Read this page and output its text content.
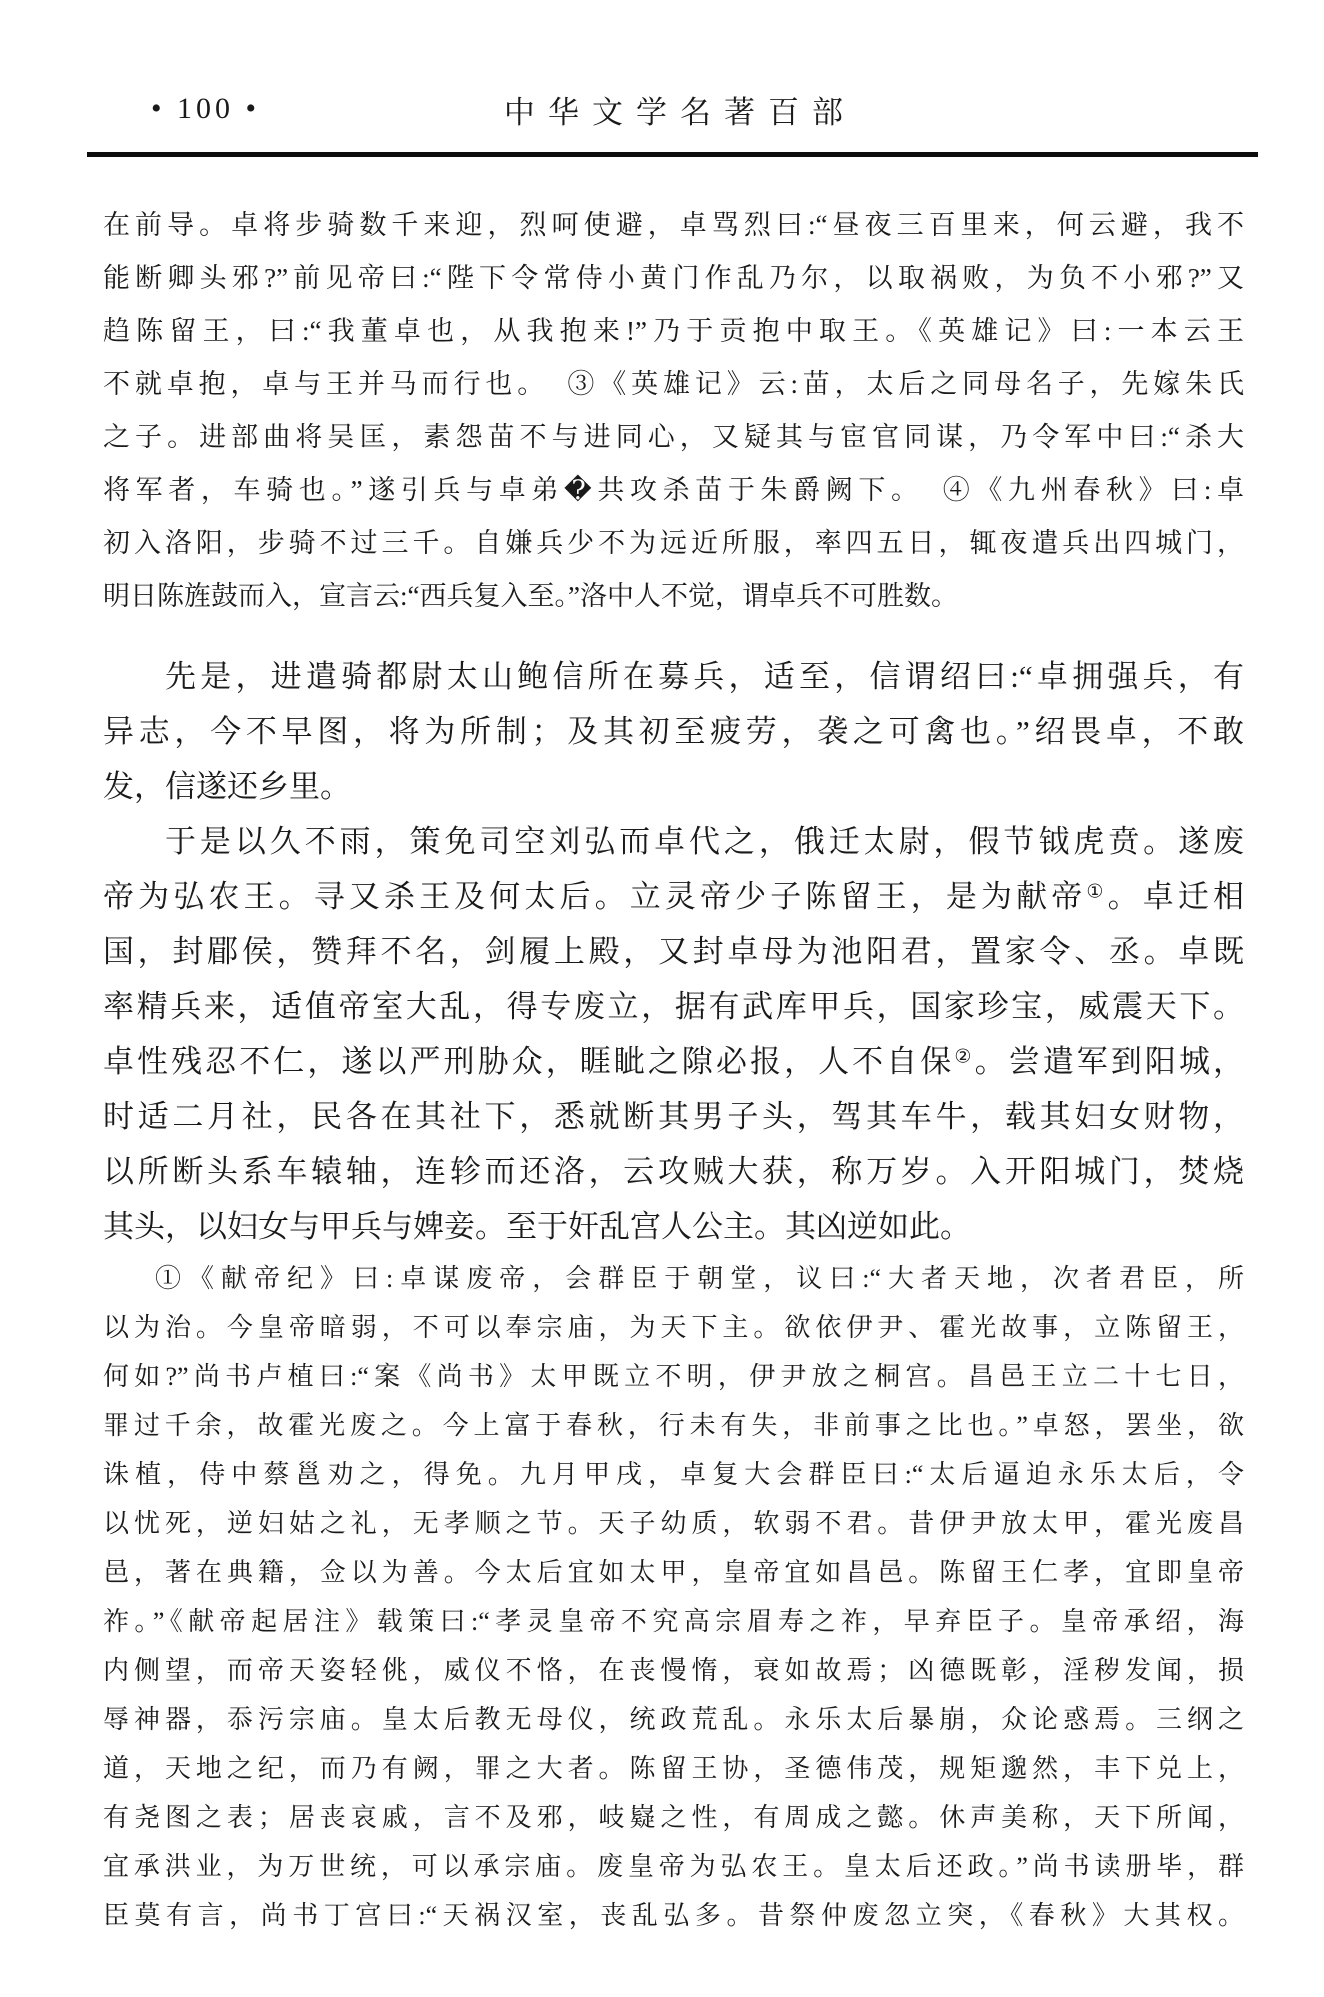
• 100 •	中华文学名著百部
在前导。卓将步骑数千来迎，烈呵使避，卓骂烈曰:“昼夜三百里来，何云避，我不
能断卿头邪?”前见帝曰:“陛下令常侍小黄门作乱乃尔，以取祸败，为负不小邪?”又
趋陈留王，曰:“我董卓也，从我抱来!”乃于贡抱中取王。《英雄记》曰:一本云王
不就卓抱，卓与王并马而行也。　③《英雄记》云:苗，太后之同母名子，先嫁朱氏
之子。进部曲将吴匡，素怨苗不与进同心，又疑其与宦官同谋，乃令军中曰:“杀大
将军者，车骑也。”遂引兵与卓弟�共攻杀苗于朱爵阙下。　④《九州春秋》曰:卓
初入洛阳，步骑不过三千。自嫌兵少不为远近所服，率四五日，辄夜遣兵出四城门，
明日陈旌鼓而入，宣言云:“西兵复入至。”洛中人不觉，谓卓兵不可胜数。
先是，进遣骑都尉太山鲍信所在募兵，适至，信谓绍曰:“卓拥强兵，有
异志，今不早图，将为所制；及其初至疲劳，袭之可禽也。”绍畏卓，不敢
发，信遂还乡里。
于是以久不雨，策免司空刘弘而卓代之，俄迁太尉，假节钺虎贲。遂废
帝为弘农王。寻又杀王及何太后。立灵帝少子陈留王，是为献帝①。卓迁相
国，封郿侯，赞拜不名，剑履上殿，又封卓母为池阳君，置家令、丞。卓既
率精兵来，适值帝室大乱，得专废立，据有武库甲兵，国家珍宝，威震天下。
卓性残忍不仁，遂以严刑胁众，睚眦之隙必报，人不自保②。尝遣军到阳城，
时适二月社，民各在其社下，悉就断其男子头，驾其车牛，载其妇女财物，
以所断头系车辕轴，连轸而还洛，云攻贼大获，称万岁。入开阳城门，焚烧
其头，以妇女与甲兵与婢妾。至于奸乱宫人公主。其凶逆如此。
①《献帝纪》曰:卓谋废帝，会群臣于朝堂，议曰:“大者天地，次者君臣，所
以为治。今皇帝暗弱，不可以奉宗庙，为天下主。欲依伊尹、霍光故事，立陈留王，
何如?”尚书卢植曰:“案《尚书》太甲既立不明，伊尹放之桐宫。昌邑王立二十七日，
罪过千余，故霍光废之。今上富于春秋，行未有失，非前事之比也。”卓怒，罢坐，欲
诛植，侍中蔡邕劝之，得免。九月甲戌，卓复大会群臣曰:“太后逼迫永乐太后，令
以忧死，逆妇姑之礼，无孝顺之节。天子幼质，软弱不君。昔伊尹放太甲，霍光废昌
邑，著在典籍，佥以为善。今太后宜如太甲，皇帝宜如昌邑。陈留王仁孝，宜即皇帝
祚。”《献帝起居注》载策曰:“孝灵皇帝不究高宗眉寿之祚，早弃臣子。皇帝承绍，海
内侧望，而帝天姿轻佻，威仪不恪，在丧慢惰，衰如故焉；凶德既彰，淫秽发闻，损
辱神器，忝污宗庙。皇太后教无母仪，统政荒乱。永乐太后暴崩，众论惑焉。三纲之
道，天地之纪，而乃有阙，罪之大者。陈留王协，圣德伟茂，规矩邈然，丰下兑上，
有尧图之表；居丧哀戚，言不及邪，岐嶷之性，有周成之懿。休声美称，天下所闻，
宜承洪业，为万世统，可以承宗庙。废皇帝为弘农王。皇太后还政。”尚书读册毕，群
臣莫有言，尚书丁宫曰:“天祸汉室，丧乱弘多。昔祭仲废忽立突，《春秋》大其权。
